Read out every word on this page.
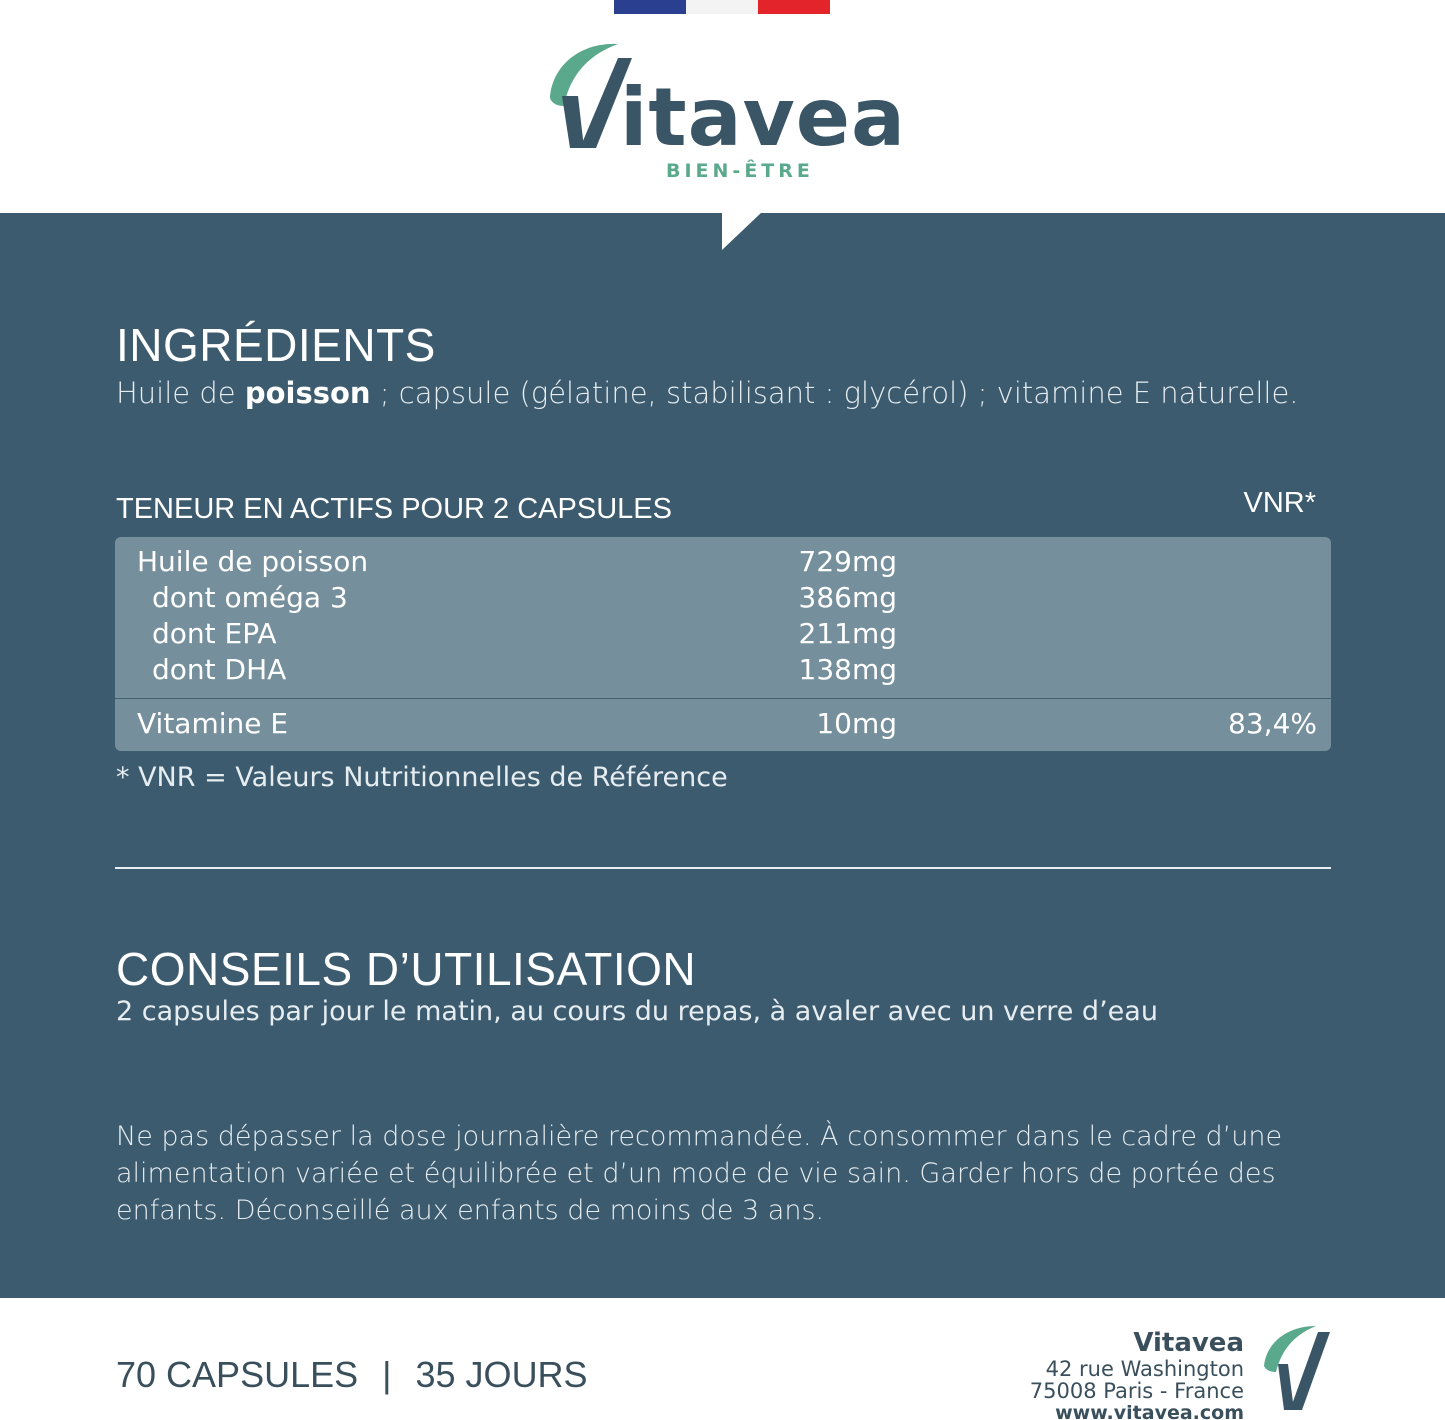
itavea
BIEN-ÊTRE
INGRÉDIENTS
Huile de poisson ; capsule (gélatine, stabilisant : glycérol) ; vitamine E naturelle.
TENEUR EN ACTIFS POUR 2 CAPSULES	VNR*
Huile de poisson	729mg
dont oméga 3	386mg
dont EPA	211mg
dont DHA	138mg
Vitamine E	10mg	83,4%
* VNR = Valeurs Nutritionnelles de Référence
CONSEILS D’UTILISATION
2 capsules par jour le matin, au cours du repas, à avaler avec un verre d’eau
Ne pas dépasser la dose journalière recommandée. À consommer dans le cadre d’une alimentation variée et équilibrée et d’un mode de vie sain. Garder hors de portée des enfants. Déconseillé aux enfants de moins de 3 ans.
70 CAPSULES | 35 JOURS
Vitavea
42 rue Washington
75008 Paris - France
www.vitavea.com
